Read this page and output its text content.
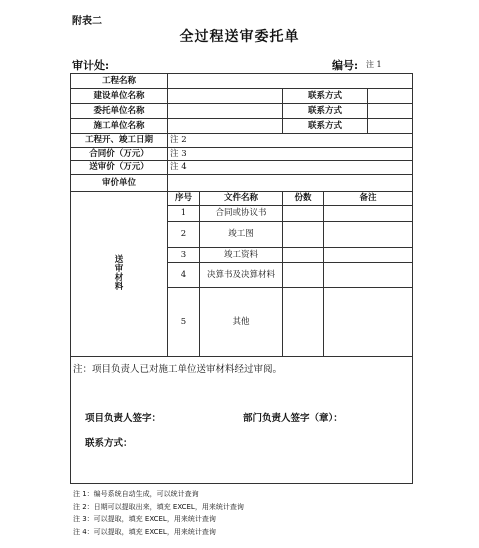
附表二
全过程送审委托单
审计处:	编号: 注 1
工程名称					
建设单位名称			联系方式		
委托单位名称			联系方式		
施工单位名称			联系方式		
工程开、竣工日期	注 2				
合同价（万元）	注 3				
送审价（万元）	注 4				
审价单位					

送
审
材
料	序号	文件名称	份数	备注	
	1	合同或协议书			
	2	竣工图			
	3	竣工资料			
	4	决算书及决算材料			
	5	其他			

注：项目负责人已对施工单位送审材料经过审阅。
项目负责人签字： 部门负责人签字（章）：
联系方式：					
注 1：编号系统自动生成，可以统计查询
注 2：日期可以提取出来，填充 EXCEL，用来统计查询
注 3：可以提取，填充 EXCEL，用来统计查询
注 4：可以提取，填充 EXCEL，用来统计查询
